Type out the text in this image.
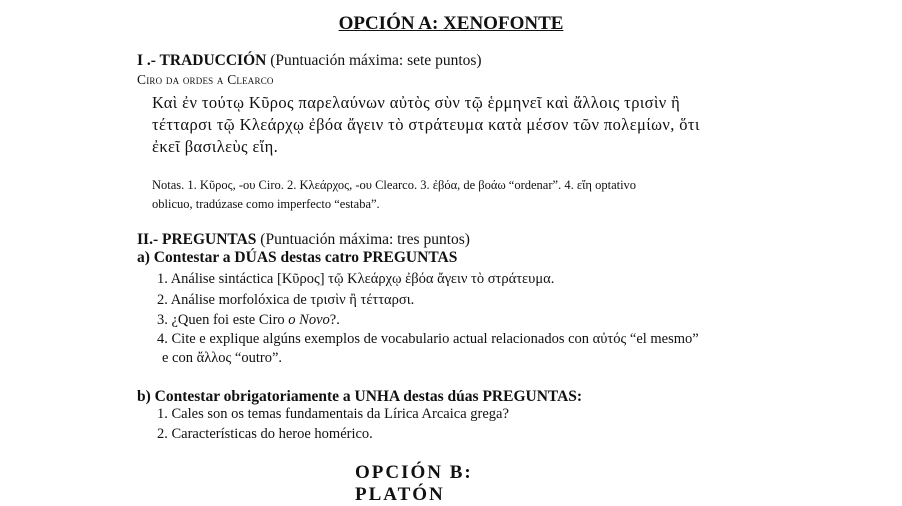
OPCIÓN A: XENOFONTE
I .- TRADUCCIÓN (Puntuación máxima: sete puntos)
Ciro da ordes a Clearco
Καὶ ἐν τούτῳ Κῦρος παρελαύνων αὐτὸς σὺν τῷ ἑρμηνεῖ καὶ ἄλλοις τρισὶν ἢ
τέτταρσι τῷ Κλεάρχῳ ἐβόα ἄγειν τὸ στράτευμα κατὰ μέσον τῶν πολεμίων, ὅτι
ἐκεῖ βασιλεὺς εἴη.
Notas. 1. Κῦρος, -ου Ciro. 2. Κλεάρχος, -ου Clearco. 3. ἐβόα, de βοάω “ordenar”. 4. εἴη optativo
oblicuo, tradúzase como imperfecto “estaba”.
II.- PREGUNTAS (Puntuación máxima: tres puntos)
a) Contestar a DÚAS destas catro PREGUNTAS
1. Análise sintáctica [Κῦρος] τῷ Κλεάρχῳ ἐβόα ἄγειν τὸ στράτευμα.
2. Análise morfolóxica de τρισὶν ἢ τέτταρσι.
3. ¿Quen foi este Ciro o Novo?.
4. Cite e explique algúns exemplos de vocabulario actual relacionados con αὐτός “el mesmo”
e con ἄλλος “outro”.
b) Contestar obrigatoriamente a UNHA destas dúas PREGUNTAS:
1. Cales son os temas fundamentais da Lírica Arcaica grega?
2. Características do heroe homérico.
OPCIÓN B: PLATÓN
